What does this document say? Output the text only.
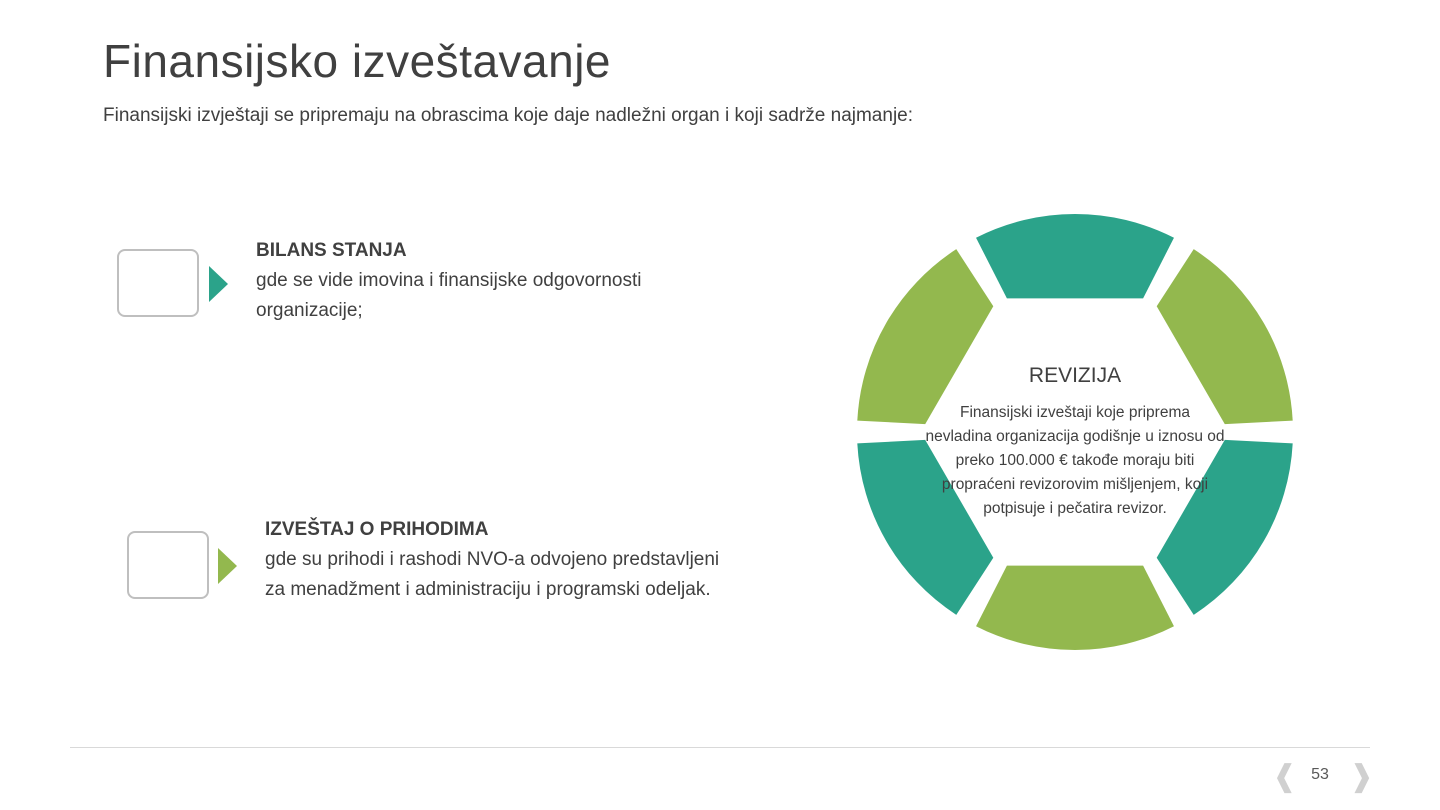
Finansijsko izveštavanje

Finansijski izvještaji se pripremaju na obrascima koje daje nadležni organ i koji sadrže najmanje:

BILANS STANJA
gde se vide imovina i finansijske odgovornosti organizacije;
IZVEŠTAJ O PRIHODIMA
gde su prihodi i rashodi NVO-a odvojeno predstavljeni za menadžment i administraciju i programski odeljak.
REVIZIJA
Finansijski izveštaji koje priprema nevladina organizacija godišnje u iznosu od preko 100.000 € takođe moraju biti propraćeni revizorovim mišljenjem, koji potpisuje i pečatira revizor.
❰ 53 ❱
